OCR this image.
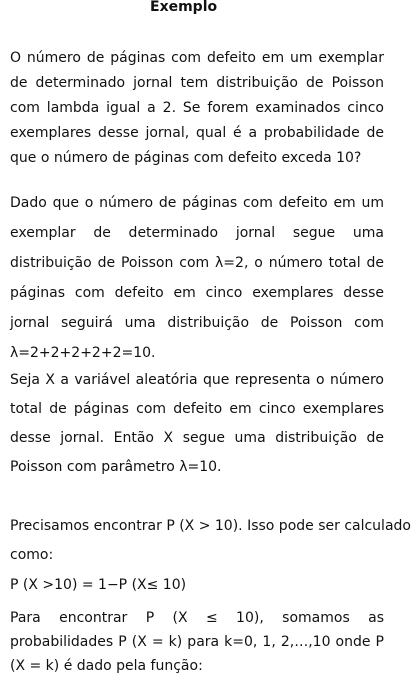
Exemplo

O número de páginas com defeito em um exemplar de determinado jornal tem distribuição de Poisson com lambda igual a 2. Se forem examinados cinco exemplares desse jornal, qual é a probabilidade de que o número de páginas com defeito exceda 10?

Dado que o número de páginas com defeito em um exemplar de determinado jornal segue uma distribuição de Poisson com λ=2, o número total de páginas com defeito em cinco exemplares desse jornal seguirá uma distribuição de Poisson com λ=2+2+2+2+2=10.

Seja X a variável aleatória que representa o número total de páginas com defeito em cinco exemplares desse jornal. Então X segue uma distribuição de Poisson com parâmetro λ=10.

Precisamos encontrar P (X > 10). Isso pode ser calculado
como:
P (X >10) = 1−P (X≤ 10)

Para encontrar P (X ≤ 10), somamos as probabilidades P (X = k) para k=0, 1, 2,…,10 onde P (X = k) é dado pela função:
